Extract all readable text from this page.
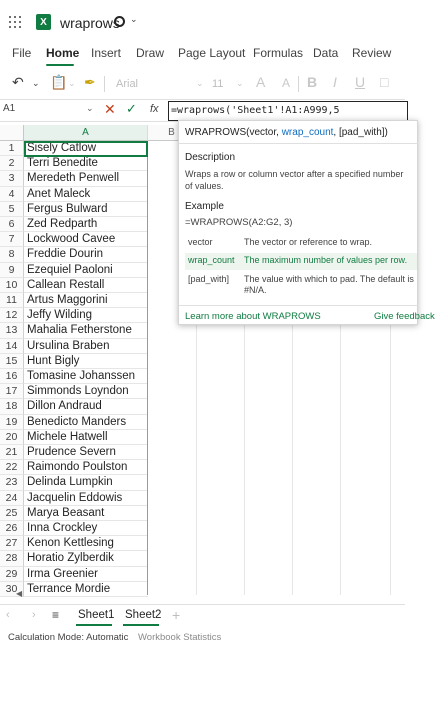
X wraprows ⌄
File Home Insert Draw Page Layout Formulas Data Review
↶ ⌄ 📋 ⌄ ✒	Arial	⌄ 11	⌄ A A B I U □
A1	⌄ ✕ ✓ fx	=wraprows('Sheet1'!A1:A999,5
A	B
1	Sisely Catlow
2	Terri Benedite
3	Meredeth Penwell
4	Anet Maleck
5	Fergus Bulward
6	Zed Redparth
7	Lockwood Cavee
8	Freddie Dourin
9	Ezequiel Paoloni
10 Callean Restall
11 Artus Maggorini
12 Jeffy Wilding
13 Mahalia Fetherstone
14 Ursulina Braben
15 Hunt Bigly
16 Tomasine Johanssen
17 Simmonds Loyndon
18 Dillon Andraud
19 Benedicto Manders
20 Michele Hatwell
21 Prudence Severn
22 Raimondo Poulston
23 Delinda Lumpkin
24 Jacquelin Eddowis
25 Marya Beasant
26 Inna Crockley
27 Kenon Kettlesing
28 Horatio Zylberdik
29 Irma Greenier
30 Terrance Mordie
WRAPROWS(vector, wrap_count, [pad_with])
Description
Wraps a row or column vector after a specified number of values.
Example
=WRAPROWS(A2:G2, 3)
vector	The vector or reference to wrap.
wrap_count The maximum number of values per row.
[pad_with] The value with which to pad. The default is #N/A.
Learn more about WRAPROWS	Give feedback
◀
‹ › ≡ Sheet1 Sheet2 +
Calculation Mode: Automatic Workbook Statistics
